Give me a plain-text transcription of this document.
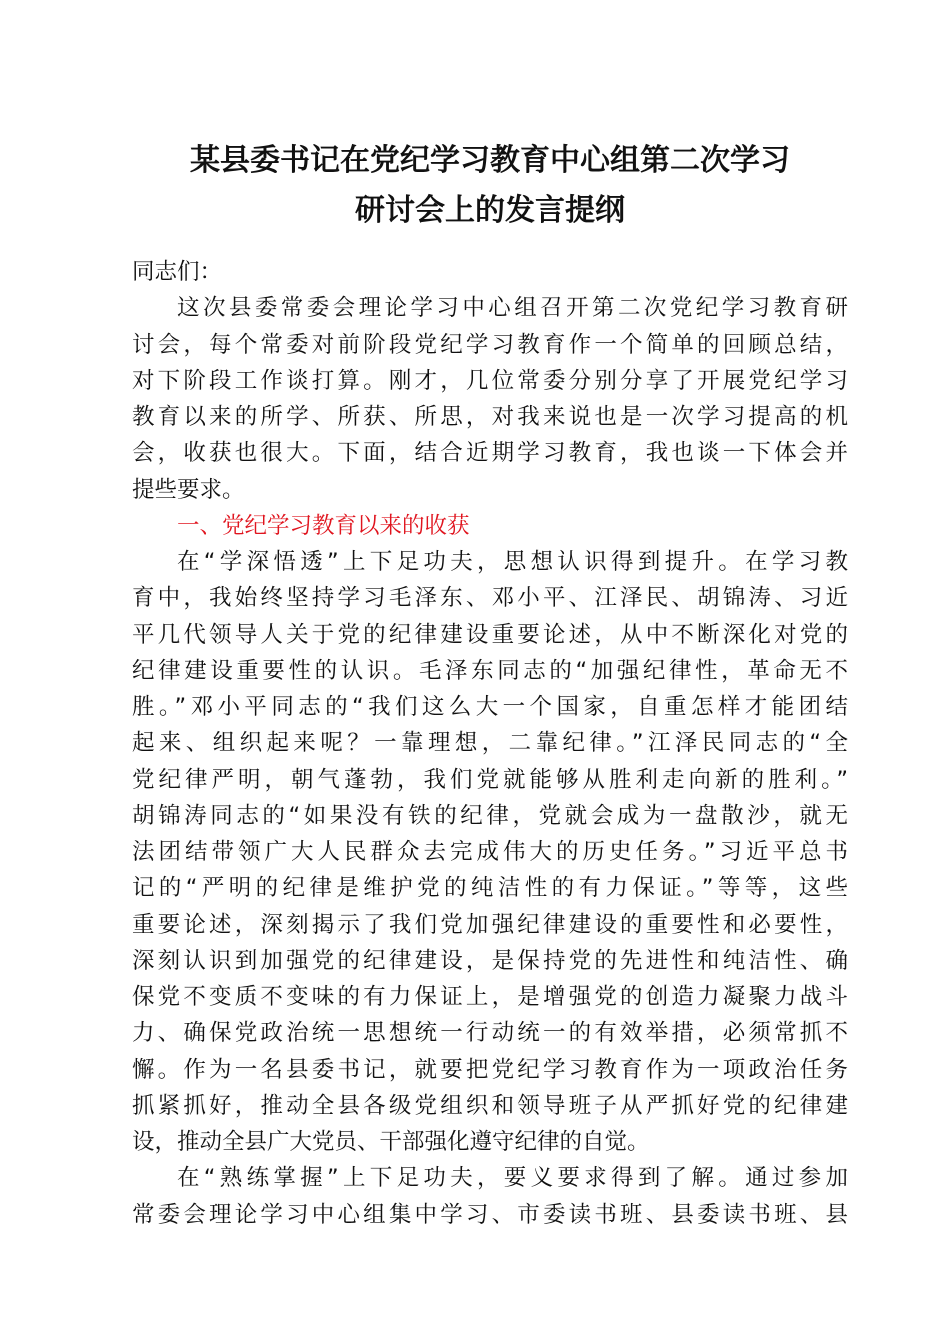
某县委书记在党纪学习教育中心组第二次学习
研讨会上的发言提纲
同志们：
这次县委常委会理论学习中心组召开第二次党纪学习教育研
讨会，每个常委对前阶段党纪学习教育作一个简单的回顾总结，
对下阶段工作谈打算。刚才，几位常委分别分享了开展党纪学习
教育以来的所学、所获、所思，对我来说也是一次学习提高的机
会，收获也很大。下面，结合近期学习教育，我也谈一下体会并
提些要求。
一、党纪学习教育以来的收获
在“学深悟透”上下足功夫，思想认识得到提升。在学习教
育中，我始终坚持学习毛泽东、邓小平、江泽民、胡锦涛、习近
平几代领导人关于党的纪律建设重要论述，从中不断深化对党的
纪律建设重要性的认识。毛泽东同志的“加强纪律性，革命无不
胜。”邓小平同志的“我们这么大一个国家，自重怎样才能团结
起来、组织起来呢？一靠理想，二靠纪律。”江泽民同志的“全
党纪律严明，朝气蓬勃，我们党就能够从胜利走向新的胜利。”
胡锦涛同志的“如果没有铁的纪律，党就会成为一盘散沙，就无
法团结带领广大人民群众去完成伟大的历史任务。”习近平总书
记的“严明的纪律是维护党的纯洁性的有力保证。”等等，这些
重要论述，深刻揭示了我们党加强纪律建设的重要性和必要性，
深刻认识到加强党的纪律建设，是保持党的先进性和纯洁性、确
保党不变质不变味的有力保证上，是增强党的创造力凝聚力战斗
力、确保党政治统一思想统一行动统一的有效举措，必须常抓不
懈。作为一名县委书记，就要把党纪学习教育作为一项政治任务
抓紧抓好，推动全县各级党组织和领导班子从严抓好党的纪律建
设，推动全县广大党员、干部强化遵守纪律的自觉。
在“熟练掌握”上下足功夫，要义要求得到了解。通过参加
常委会理论学习中心组集中学习、市委读书班、县委读书班、县
